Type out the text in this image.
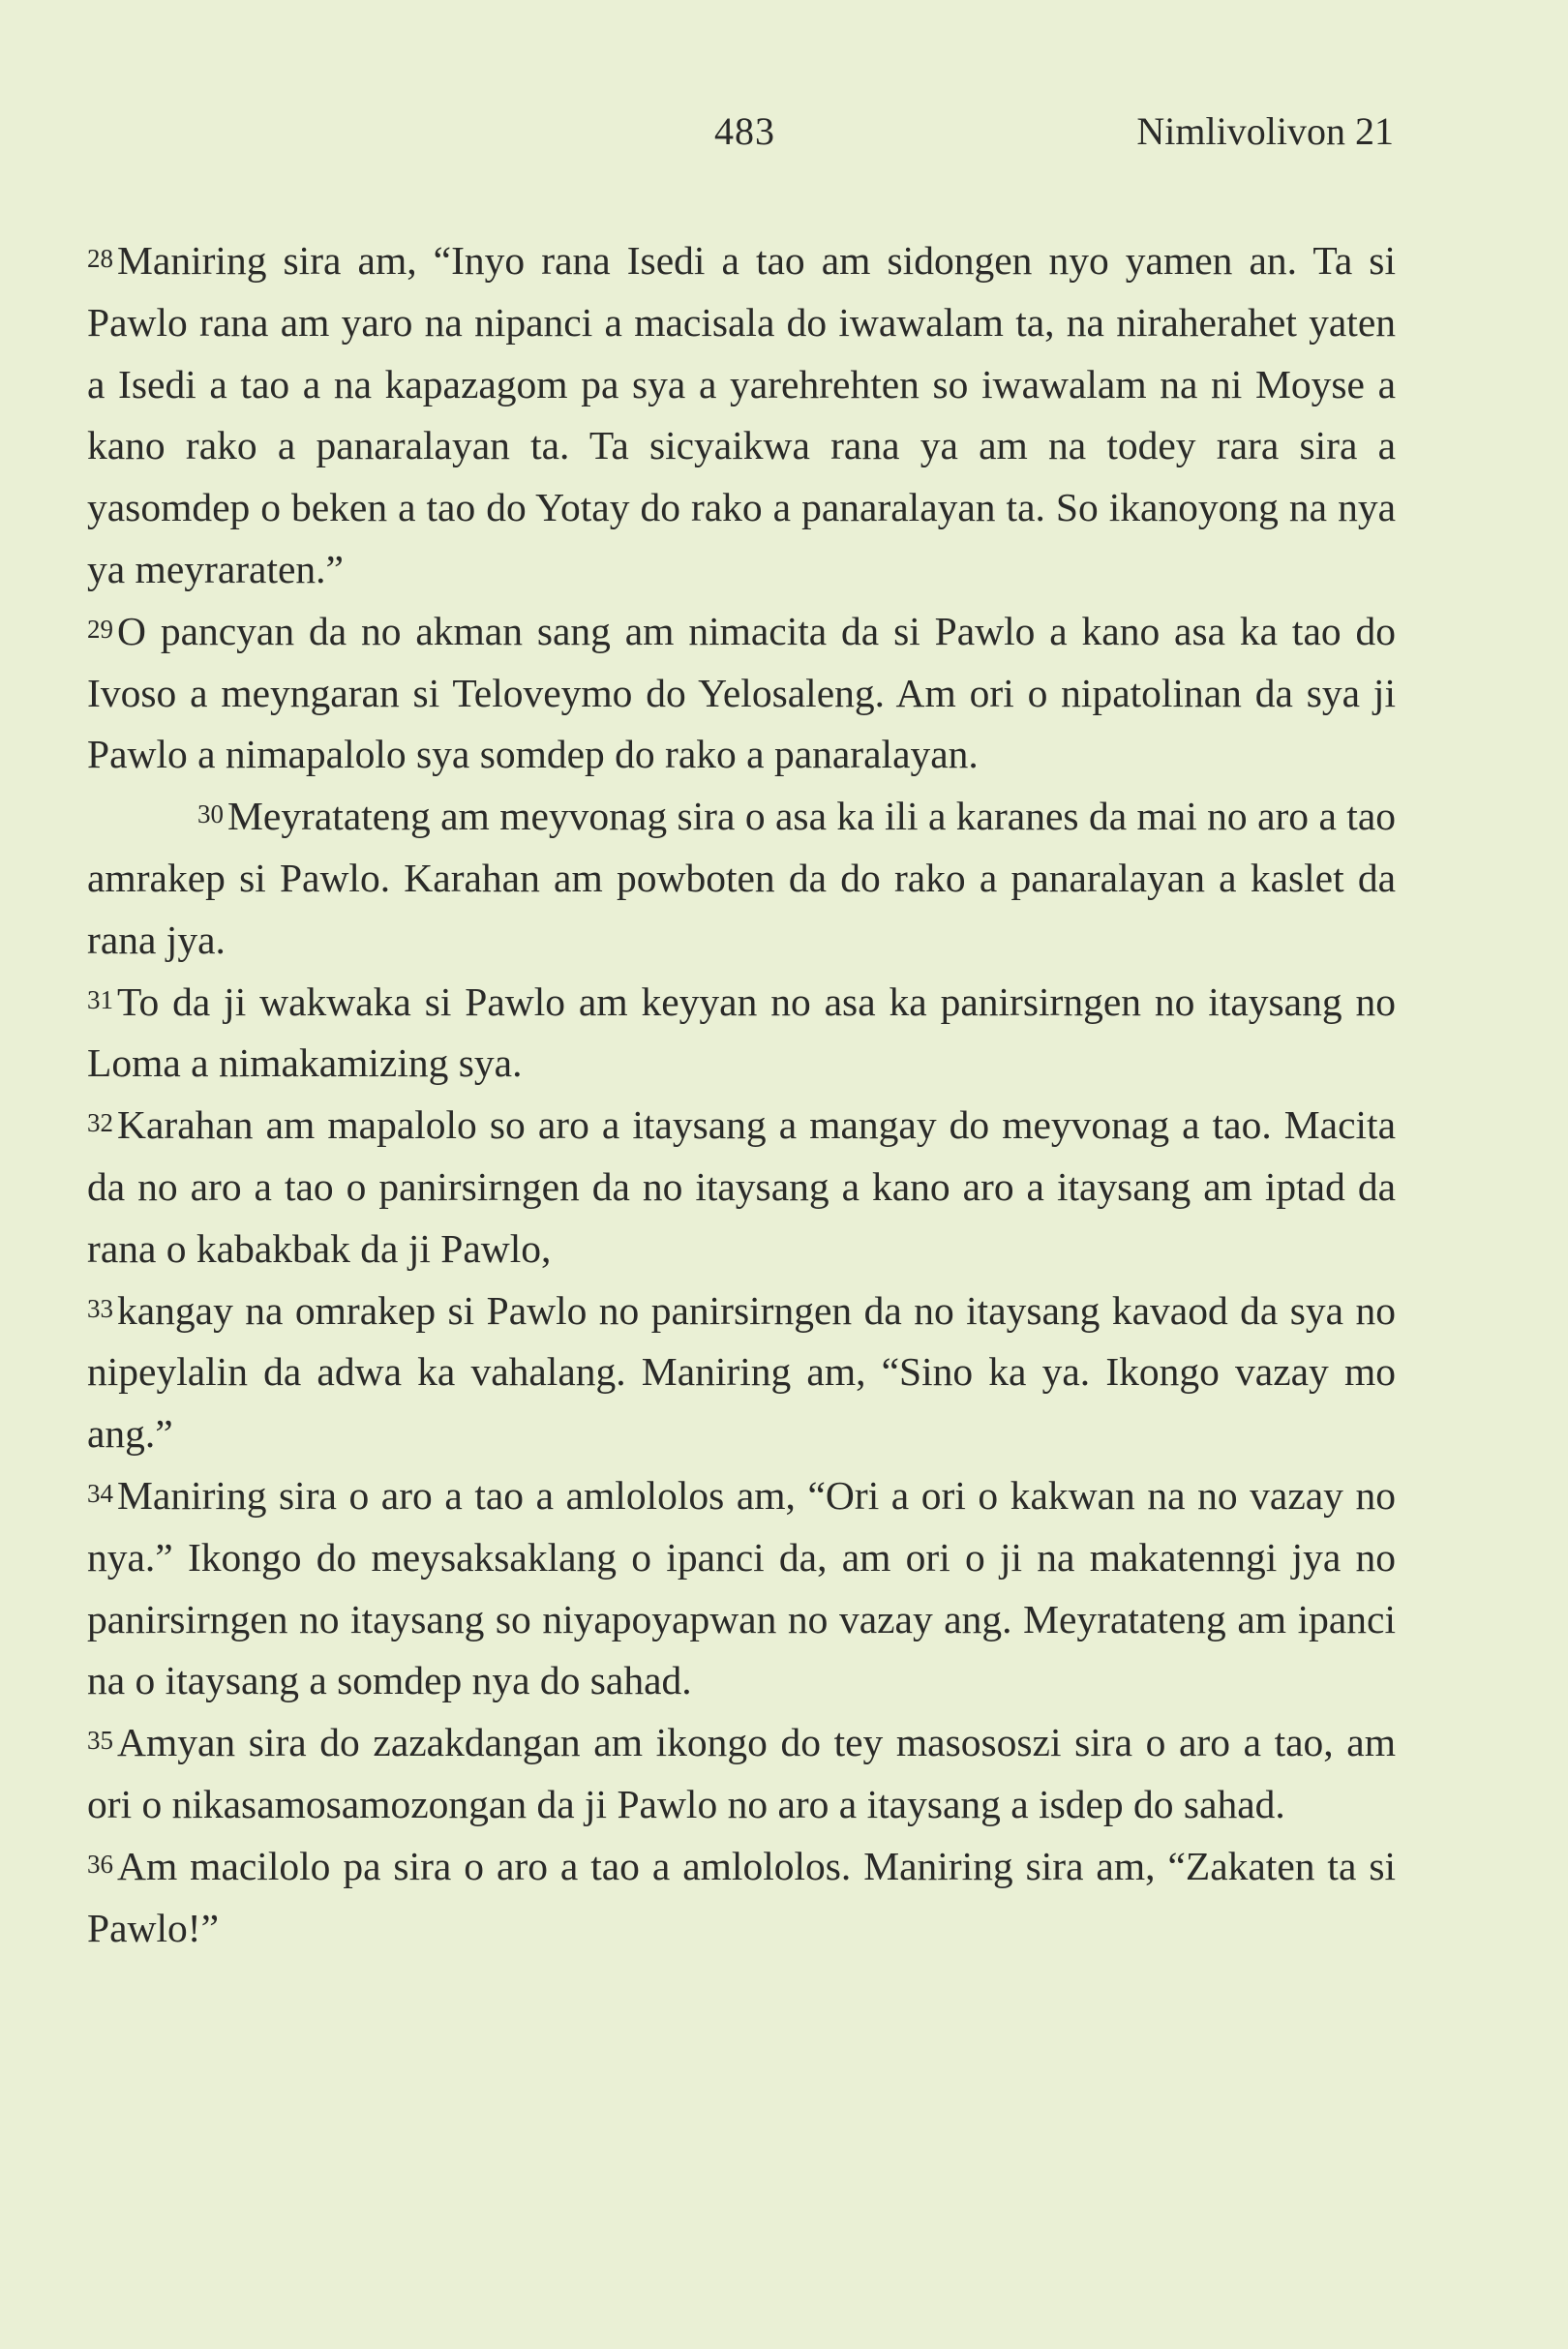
483	Nimlivolivon 21

28Maniring sira am, “Inyo rana Isedi a tao am sidongen nyo yamen an. Ta si Pawlo rana am yaro na nipanci a macisala do iwawalam ta, na niraherahet yaten a Isedi a tao a na kapazagom pa sya a yarehrehten so iwawalam na ni Moyse a kano rako a panaralayan ta. Ta sicyaikwa rana ya am na todey rara sira a yasomdep o beken a tao do Yotay do rako a panaralayan ta. So ikanoyong na nya ya meyraraten.”

29O pancyan da no akman sang am nimacita da si Pawlo a kano asa ka tao do Ivoso a meyngaran si Teloveymo do Yelosaleng. Am ori o nipatolinan da sya ji Pawlo a nimapalolo sya somdep do rako a panaralayan.

30Meyratateng am meyvonag sira o asa ka ili a karanes da mai no aro a tao amrakep si Pawlo. Karahan am powboten da do rako a panaralayan a kaslet da rana jya.

31To da ji wakwaka si Pawlo am keyyan no asa ka panirsirngen no itaysang no Loma a nimakamizing sya.

32Karahan am mapalolo so aro a itaysang a mangay do meyvonag a tao. Macita da no aro a tao o panirsirngen da no itaysang a kano aro a itaysang am iptad da rana o kabakbak da ji Pawlo,

33kangay na omrakep si Pawlo no panirsirngen da no itaysang kavaod da sya no nipeylalin da adwa ka vahalang. Maniring am, “Sino ka ya. Ikongo vazay mo ang.”

34Maniring sira o aro a tao a amlololos am, “Ori a ori o kakwan na no vazay no nya.” Ikongo do meysaksaklang o ipanci da, am ori o ji na makatenngi jya no panirsirngen no itaysang so niyapoyapwan no vazay ang. Meyratateng am ipanci na o itaysang a somdep nya do sahad.

35Amyan sira do zazakdangan am ikongo do tey masososzi sira o aro a tao, am ori o nikasamosamozongan da ji Pawlo no aro a itaysang a isdep do sahad.

36Am macilolo pa sira o aro a tao a amlololos. Maniring sira am, “Zakaten ta si Pawlo!”
